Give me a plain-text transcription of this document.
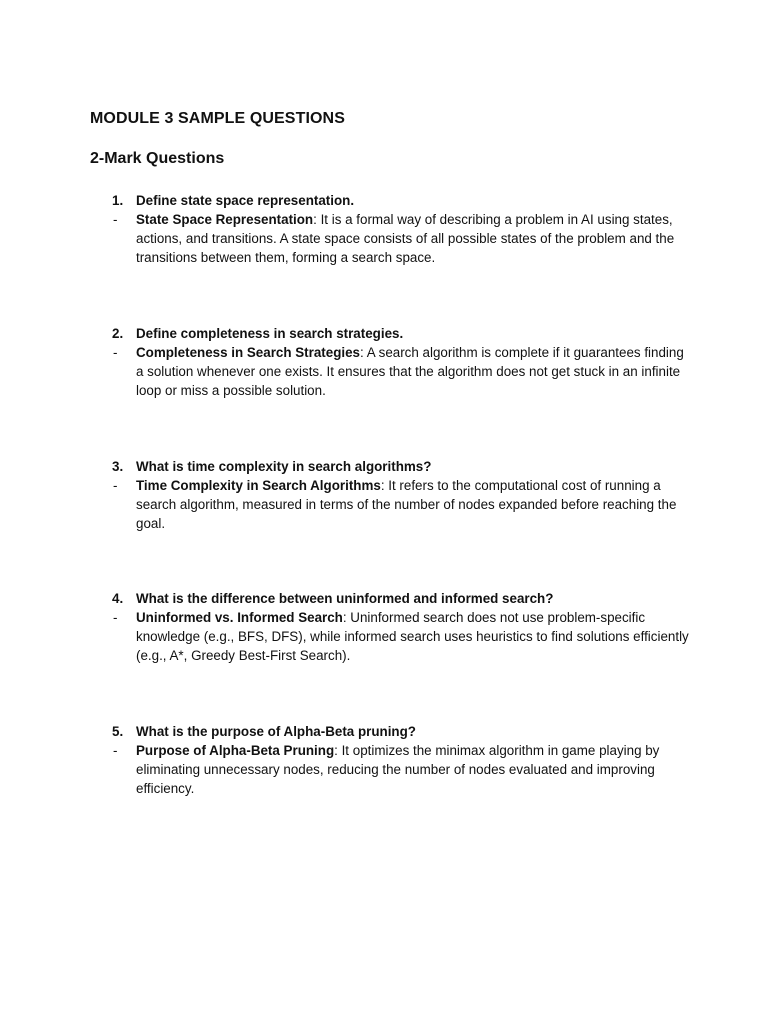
MODULE 3 SAMPLE QUESTIONS
2-Mark Questions
1. Define state space representation.
- State Space Representation: It is a formal way of describing a problem in AI using states, actions, and transitions. A state space consists of all possible states of the problem and the transitions between them, forming a search space.
2. Define completeness in search strategies.
- Completeness in Search Strategies: A search algorithm is complete if it guarantees finding a solution whenever one exists. It ensures that the algorithm does not get stuck in an infinite loop or miss a possible solution.
3. What is time complexity in search algorithms?
- Time Complexity in Search Algorithms: It refers to the computational cost of running a search algorithm, measured in terms of the number of nodes expanded before reaching the goal.
4. What is the difference between uninformed and informed search?
- Uninformed vs. Informed Search: Uninformed search does not use problem-specific knowledge (e.g., BFS, DFS), while informed search uses heuristics to find solutions efficiently (e.g., A*, Greedy Best-First Search).
5. What is the purpose of Alpha-Beta pruning?
- Purpose of Alpha-Beta Pruning: It optimizes the minimax algorithm in game playing by eliminating unnecessary nodes, reducing the number of nodes evaluated and improving efficiency.
